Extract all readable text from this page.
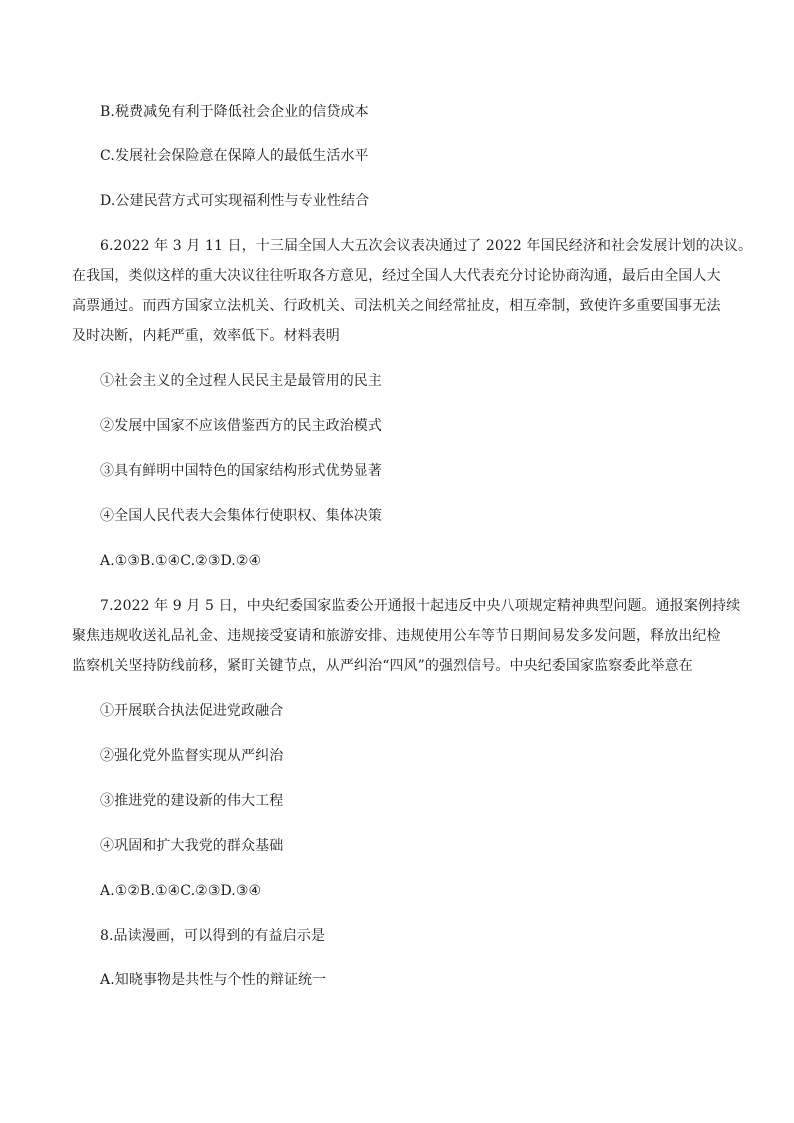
B.税费减免有利于降低社会企业的信贷成本
C.发展社会保险意在保障人的最低生活水平
D.公建民营方式可实现福利性与专业性结合
6.2022 年 3 月 11 日，十三届全国人大五次会议表决通过了 2022 年国民经济和社会发展计划的决议。
在我国，类似这样的重大决议往往听取各方意见，经过全国人大代表充分讨论协商沟通，最后由全国人大
高票通过。而西方国家立法机关、行政机关、司法机关之间经常扯皮，相互牵制，致使许多重要国事无法
及时决断，内耗严重，效率低下。材料表明
①社会主义的全过程人民民主是最管用的民主
②发展中国家不应该借鉴西方的民主政治模式
③具有鲜明中国特色的国家结构形式优势显著
④全国人民代表大会集体行使职权、集体决策
A.①③B.①④C.②③D.②④
7.2022 年 9 月 5 日，中央纪委国家监委公开通报十起违反中央八项规定精神典型问题。通报案例持续
聚焦违规收送礼品礼金、违规接受宴请和旅游安排、违规使用公车等节日期间易发多发问题，释放出纪检
监察机关坚持防线前移，紧盯关键节点，从严纠治“四风”的强烈信号。中央纪委国家监察委此举意在
①开展联合执法促进党政融合
②强化党外监督实现从严纠治
③推进党的建设新的伟大工程
④巩固和扩大我党的群众基础
A.①②B.①④C.②③D.③④
8.品读漫画，可以得到的有益启示是
A.知晓事物是共性与个性的辩证统一
